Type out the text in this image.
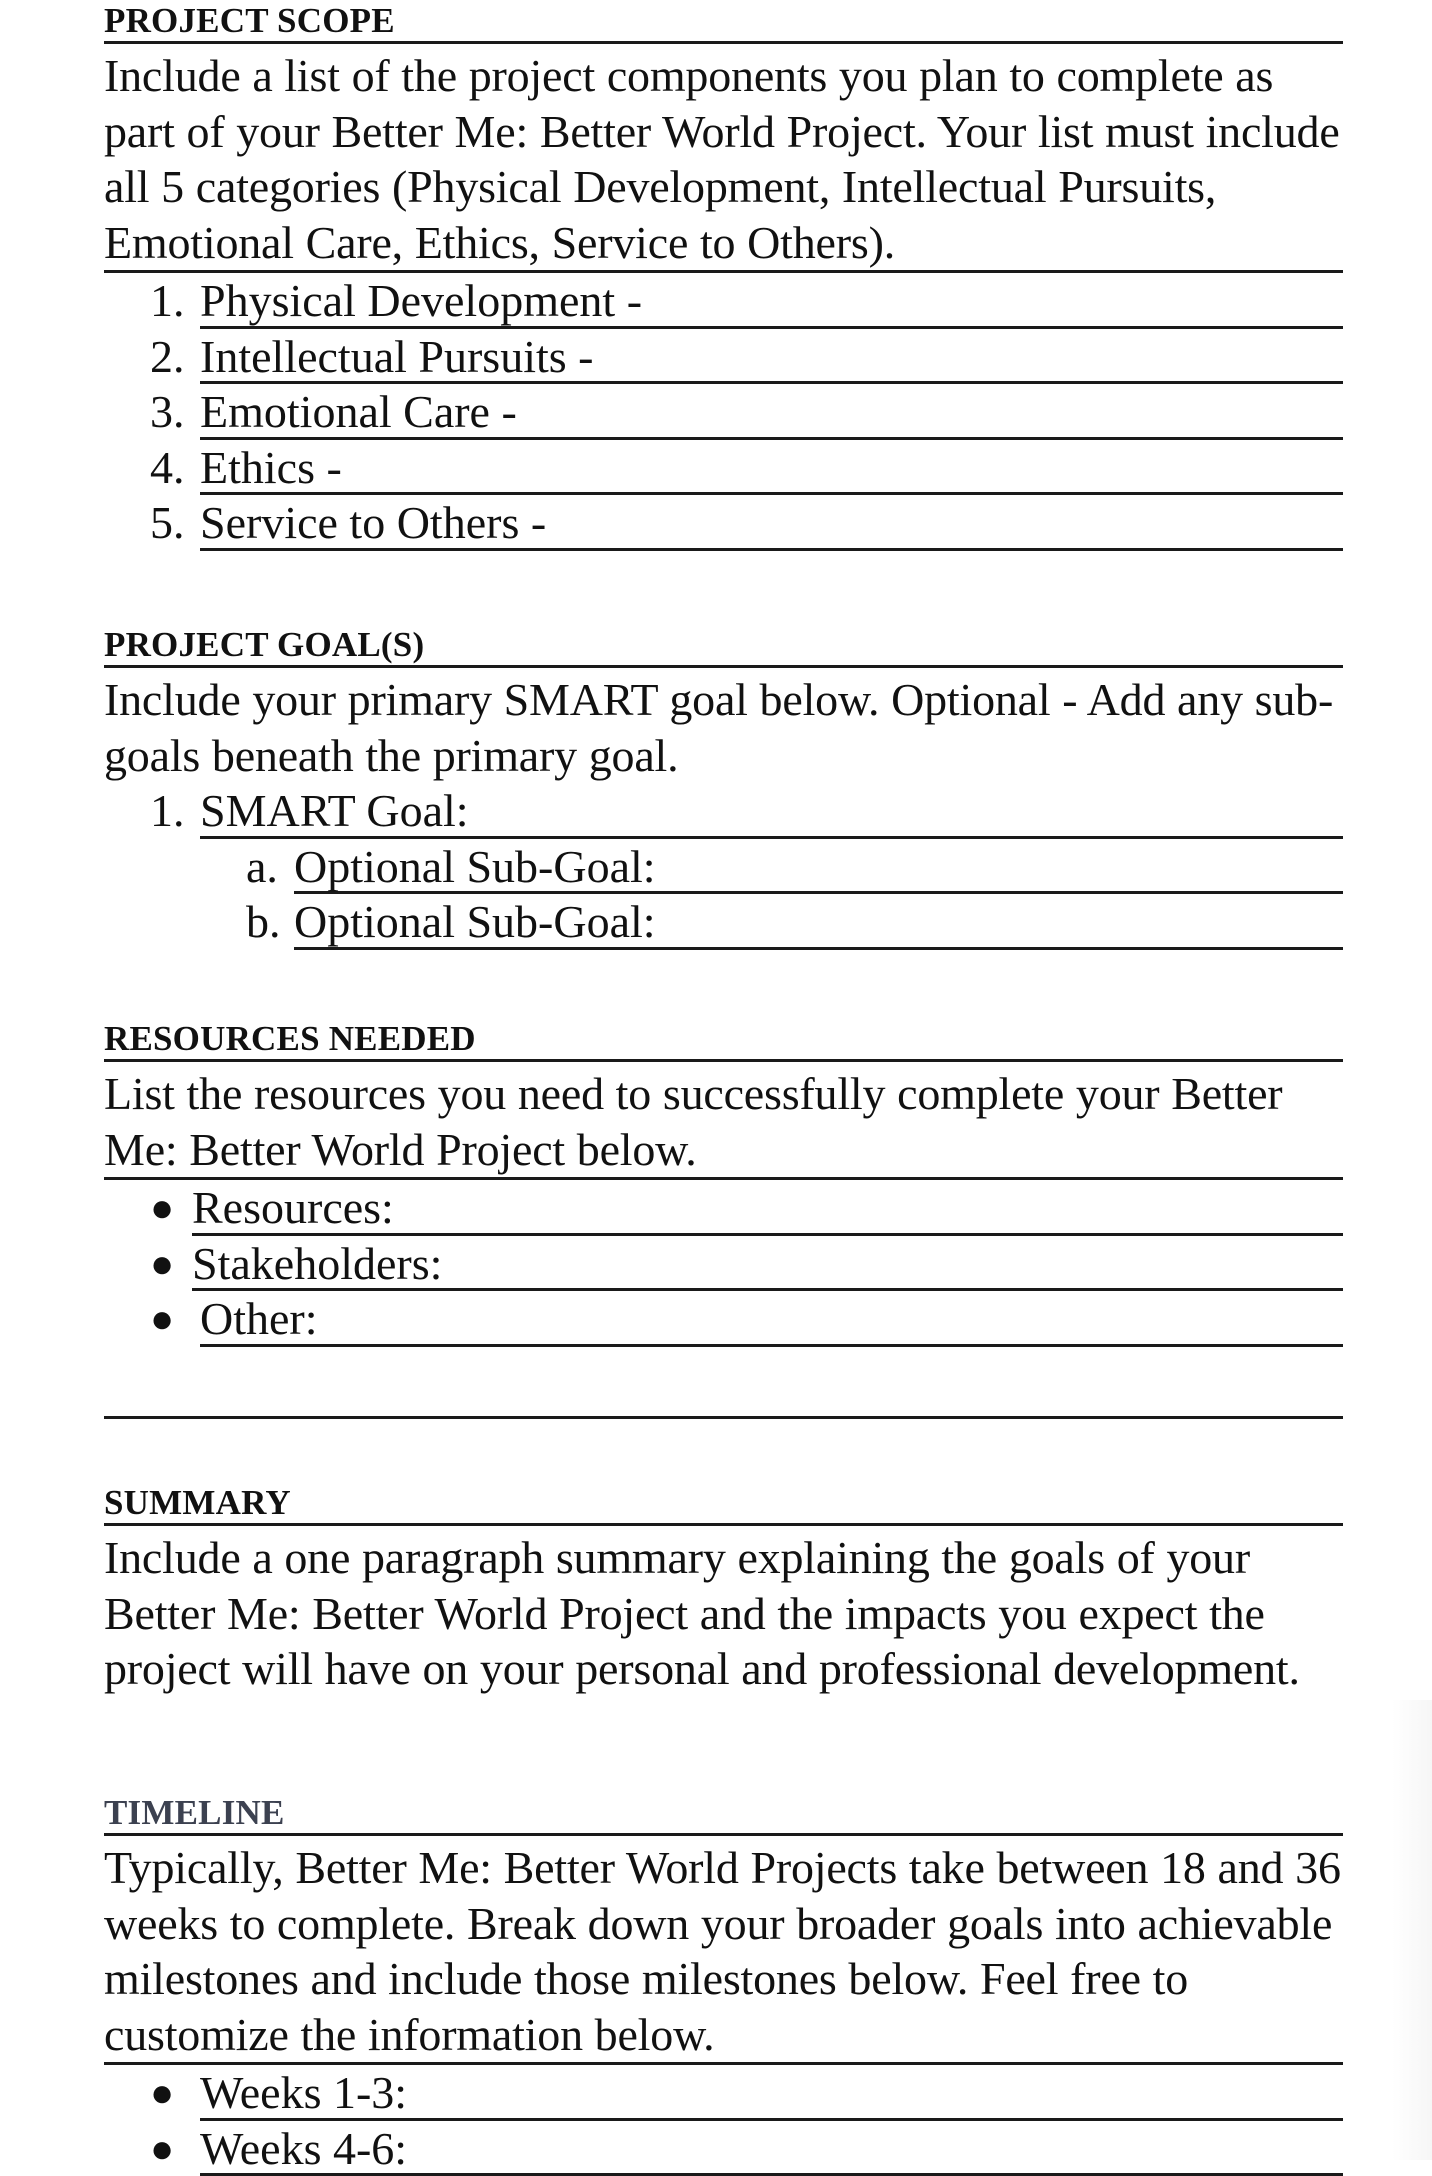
PROJECT SCOPE

Include a list of the project components you plan to complete as part of your Better Me: Better World Project. Your list must include all 5 categories (Physical Development, Intellectual Pursuits, Emotional Care, Ethics, Service to Others).

1. Physical Development -
2. Intellectual Pursuits -
3. Emotional Care -
4. Ethics -
5. Service to Others -
PROJECT GOAL(S)

Include your primary SMART goal below. Optional - Add any sub-goals beneath the primary goal.

1. SMART Goal:
a. Optional Sub-Goal:
b. Optional Sub-Goal:
RESOURCES NEEDED

List the resources you need to successfully complete your Better Me: Better World Project below.

● Resources:
● Stakeholders:
● Other:
SUMMARY

Include a one paragraph summary explaining the goals of your Better Me: Better World Project and the impacts you expect the project will have on your personal and professional development.

TIMELINE

Typically, Better Me: Better World Projects take between 18 and 36 weeks to complete. Break down your broader goals into achievable milestones and include those milestones below. Feel free to customize the information below.

● Weeks 1-3:
● Weeks 4-6:
